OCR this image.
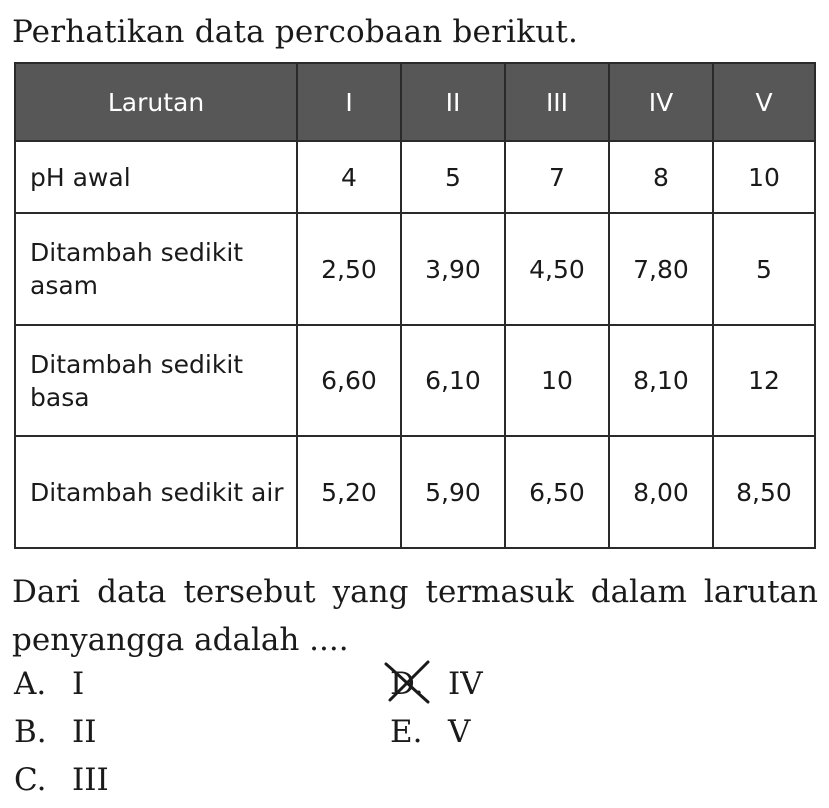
Perhatikan data percobaan berikut.
Larutan	I	II	III	IV	V
pH awal	4	5	7	8	10
Ditambah sedikit asam	2,50	3,90	4,50	7,80	5
Ditambah sedikit basa	6,60	6,10	10	8,10	12
Ditambah sedikit air	5,20	5,90	6,50	8,00	8,50
Dari data tersebut yang termasuk dalam larutan penyangga adalah ....
A. I
B. II
C. III
D. IV
E. V
